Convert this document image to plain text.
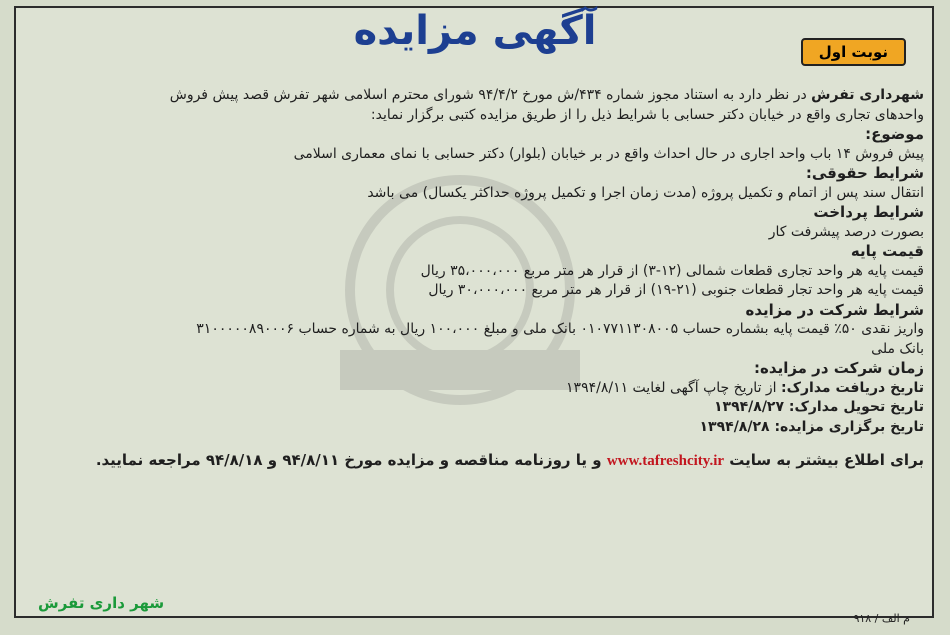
آگهی مزایده	نوبت اول
شهرداری تفرش در نظر دارد به استناد مجوز شماره ۴۳۴/ش مورخ ۹۴/۴/۲ شورای محترم اسلامی شهر تفرش قصد پیش فروش
واحدهای تجاری واقع در خیابان دکتر حسابی با شرایط ذیل را از طریق مزایده کتبی برگزار نماید:
موضوع:
پیش فروش ۱۴ باب واحد اجاری در حال احداث واقع در بر خیابان (بلوار) دکتر حسابی با نمای معماری اسلامی
شرایط حقوقی:
انتقال سند پس از اتمام و تکمیل پروژه (مدت زمان اجرا و تکمیل پروژه حداکثر یکسال) می باشد
شرایط پرداخت
بصورت درصد پیشرفت کار
قیمت پایه
قیمت پایه هر واحد تجاری قطعات شمالی (۱۲-۳) از قرار هر متر مربع ۳۵،۰۰۰،۰۰۰ ریال
قیمت پایه هر واحد تجار قطعات جنوبی (۲۱-۱۹) از قرار هر متر مربع ۳۰،۰۰۰،۰۰۰ ریال
شرایط شرکت در مزایده
واریز نقدی ۵۰٪ قیمت پایه بشماره حساب ۰۱۰۷۷۱۱۳۰۸۰۰۵ بانک ملی و مبلغ ۱۰۰،۰۰۰ ریال به شماره حساب ۳۱۰۰۰۰۰۸۹۰۰۰۶
بانک ملی
زمان شرکت در مزایده:
تاریخ دریافت مدارک: از تاریخ چاپ آگهی لغایت ۱۳۹۴/۸/۱۱
تاریخ تحویل مدارک: ۱۳۹۴/۸/۲۷
تاریخ برگزاری مزایده: ۱۳۹۴/۸/۲۸
برای اطلاع بیشتر به سایت www.tafreshcity.ir و یا روزنامه مناقصه و مزایده مورخ ۹۴/۸/۱۱ و ۹۴/۸/۱۸ مراجعه نمایید.
شهر داری تفرش
م الف / ۹۱۸
